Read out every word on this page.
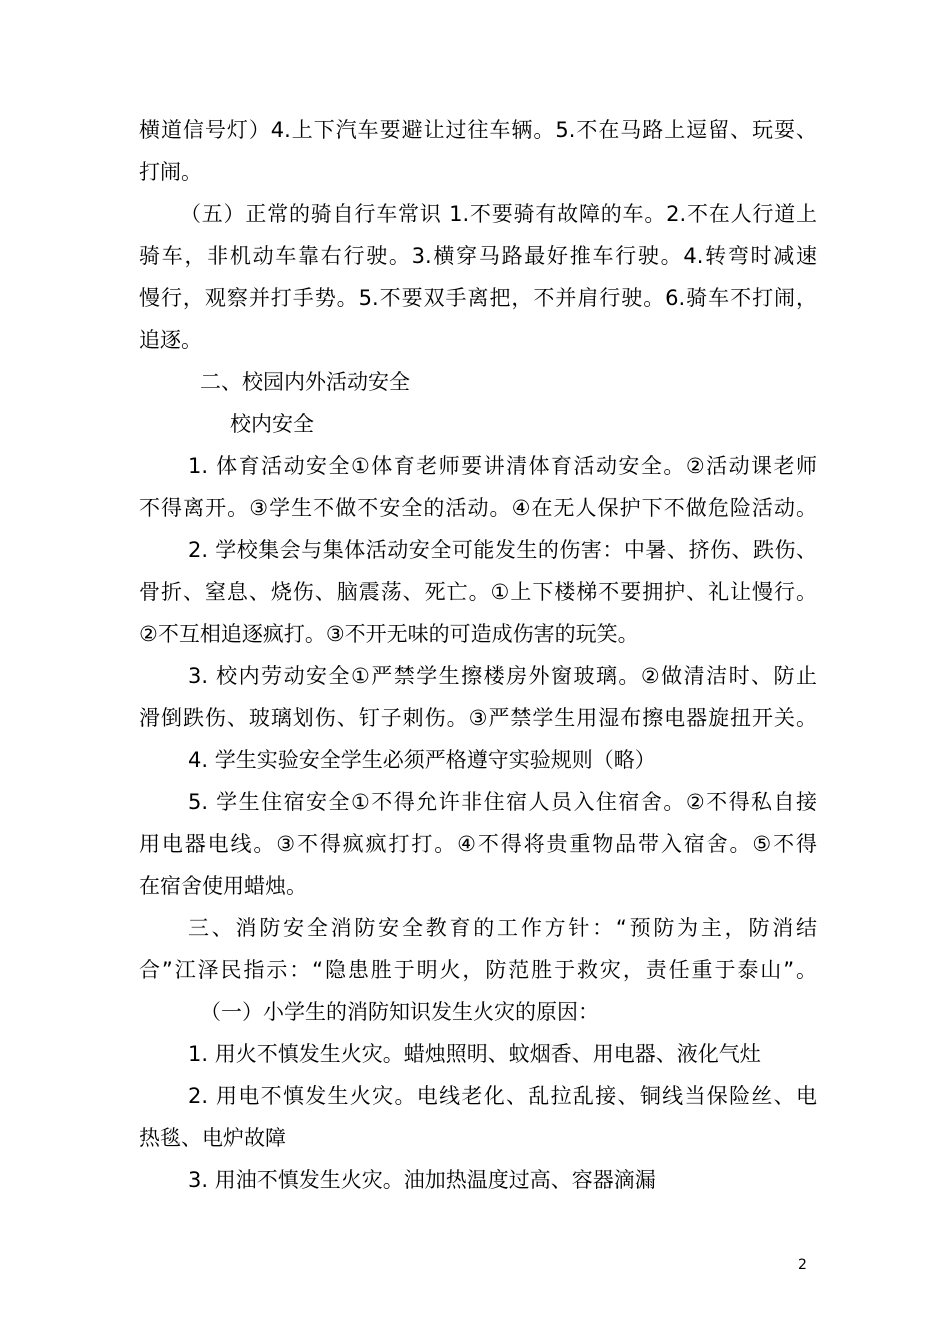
横道信号灯）4.上下汽车要避让过往车辆。5.不在马路上逗留、玩耍、
打闹。
（五）正常的骑自行车常识 1.不要骑有故障的车。2.不在人行道上
骑车，非机动车靠右行驶。3.横穿马路最好推车行驶。4.转弯时减速
慢行，观察并打手势。5.不要双手离把，不并肩行驶。6.骑车不打闹，
追逐。
二、校园内外活动安全
校内安全
1. 体育活动安全①体育老师要讲清体育活动安全。②活动课老师
不得离开。③学生不做不安全的活动。④在无人保护下不做危险活动。
2. 学校集会与集体活动安全可能发生的伤害：中暑、挤伤、跌伤、
骨折、窒息、烧伤、脑震荡、死亡。①上下楼梯不要拥护、礼让慢行。
②不互相追逐疯打。③不开无味的可造成伤害的玩笑。
3. 校内劳动安全①严禁学生擦楼房外窗玻璃。②做清洁时、防止
滑倒跌伤、玻璃划伤、钉子刺伤。③严禁学生用湿布擦电器旋扭开关。
4. 学生实验安全学生必须严格遵守实验规则（略）
5. 学生住宿安全①不得允许非住宿人员入住宿舍。②不得私自接
用电器电线。③不得疯疯打打。④不得将贵重物品带入宿舍。⑤不得
在宿舍使用蜡烛。
三、消防安全消防安全教育的工作方针：“预防为主，防消结
合”江泽民指示：“隐患胜于明火，防范胜于救灾，责任重于泰山”。
（一）小学生的消防知识发生火灾的原因：
1. 用火不慎发生火灾。蜡烛照明、蚊烟香、用电器、液化气灶
2. 用电不慎发生火灾。电线老化、乱拉乱接、铜线当保险丝、电
热毯、电炉故障
3. 用油不慎发生火灾。油加热温度过高、容器滴漏
2
